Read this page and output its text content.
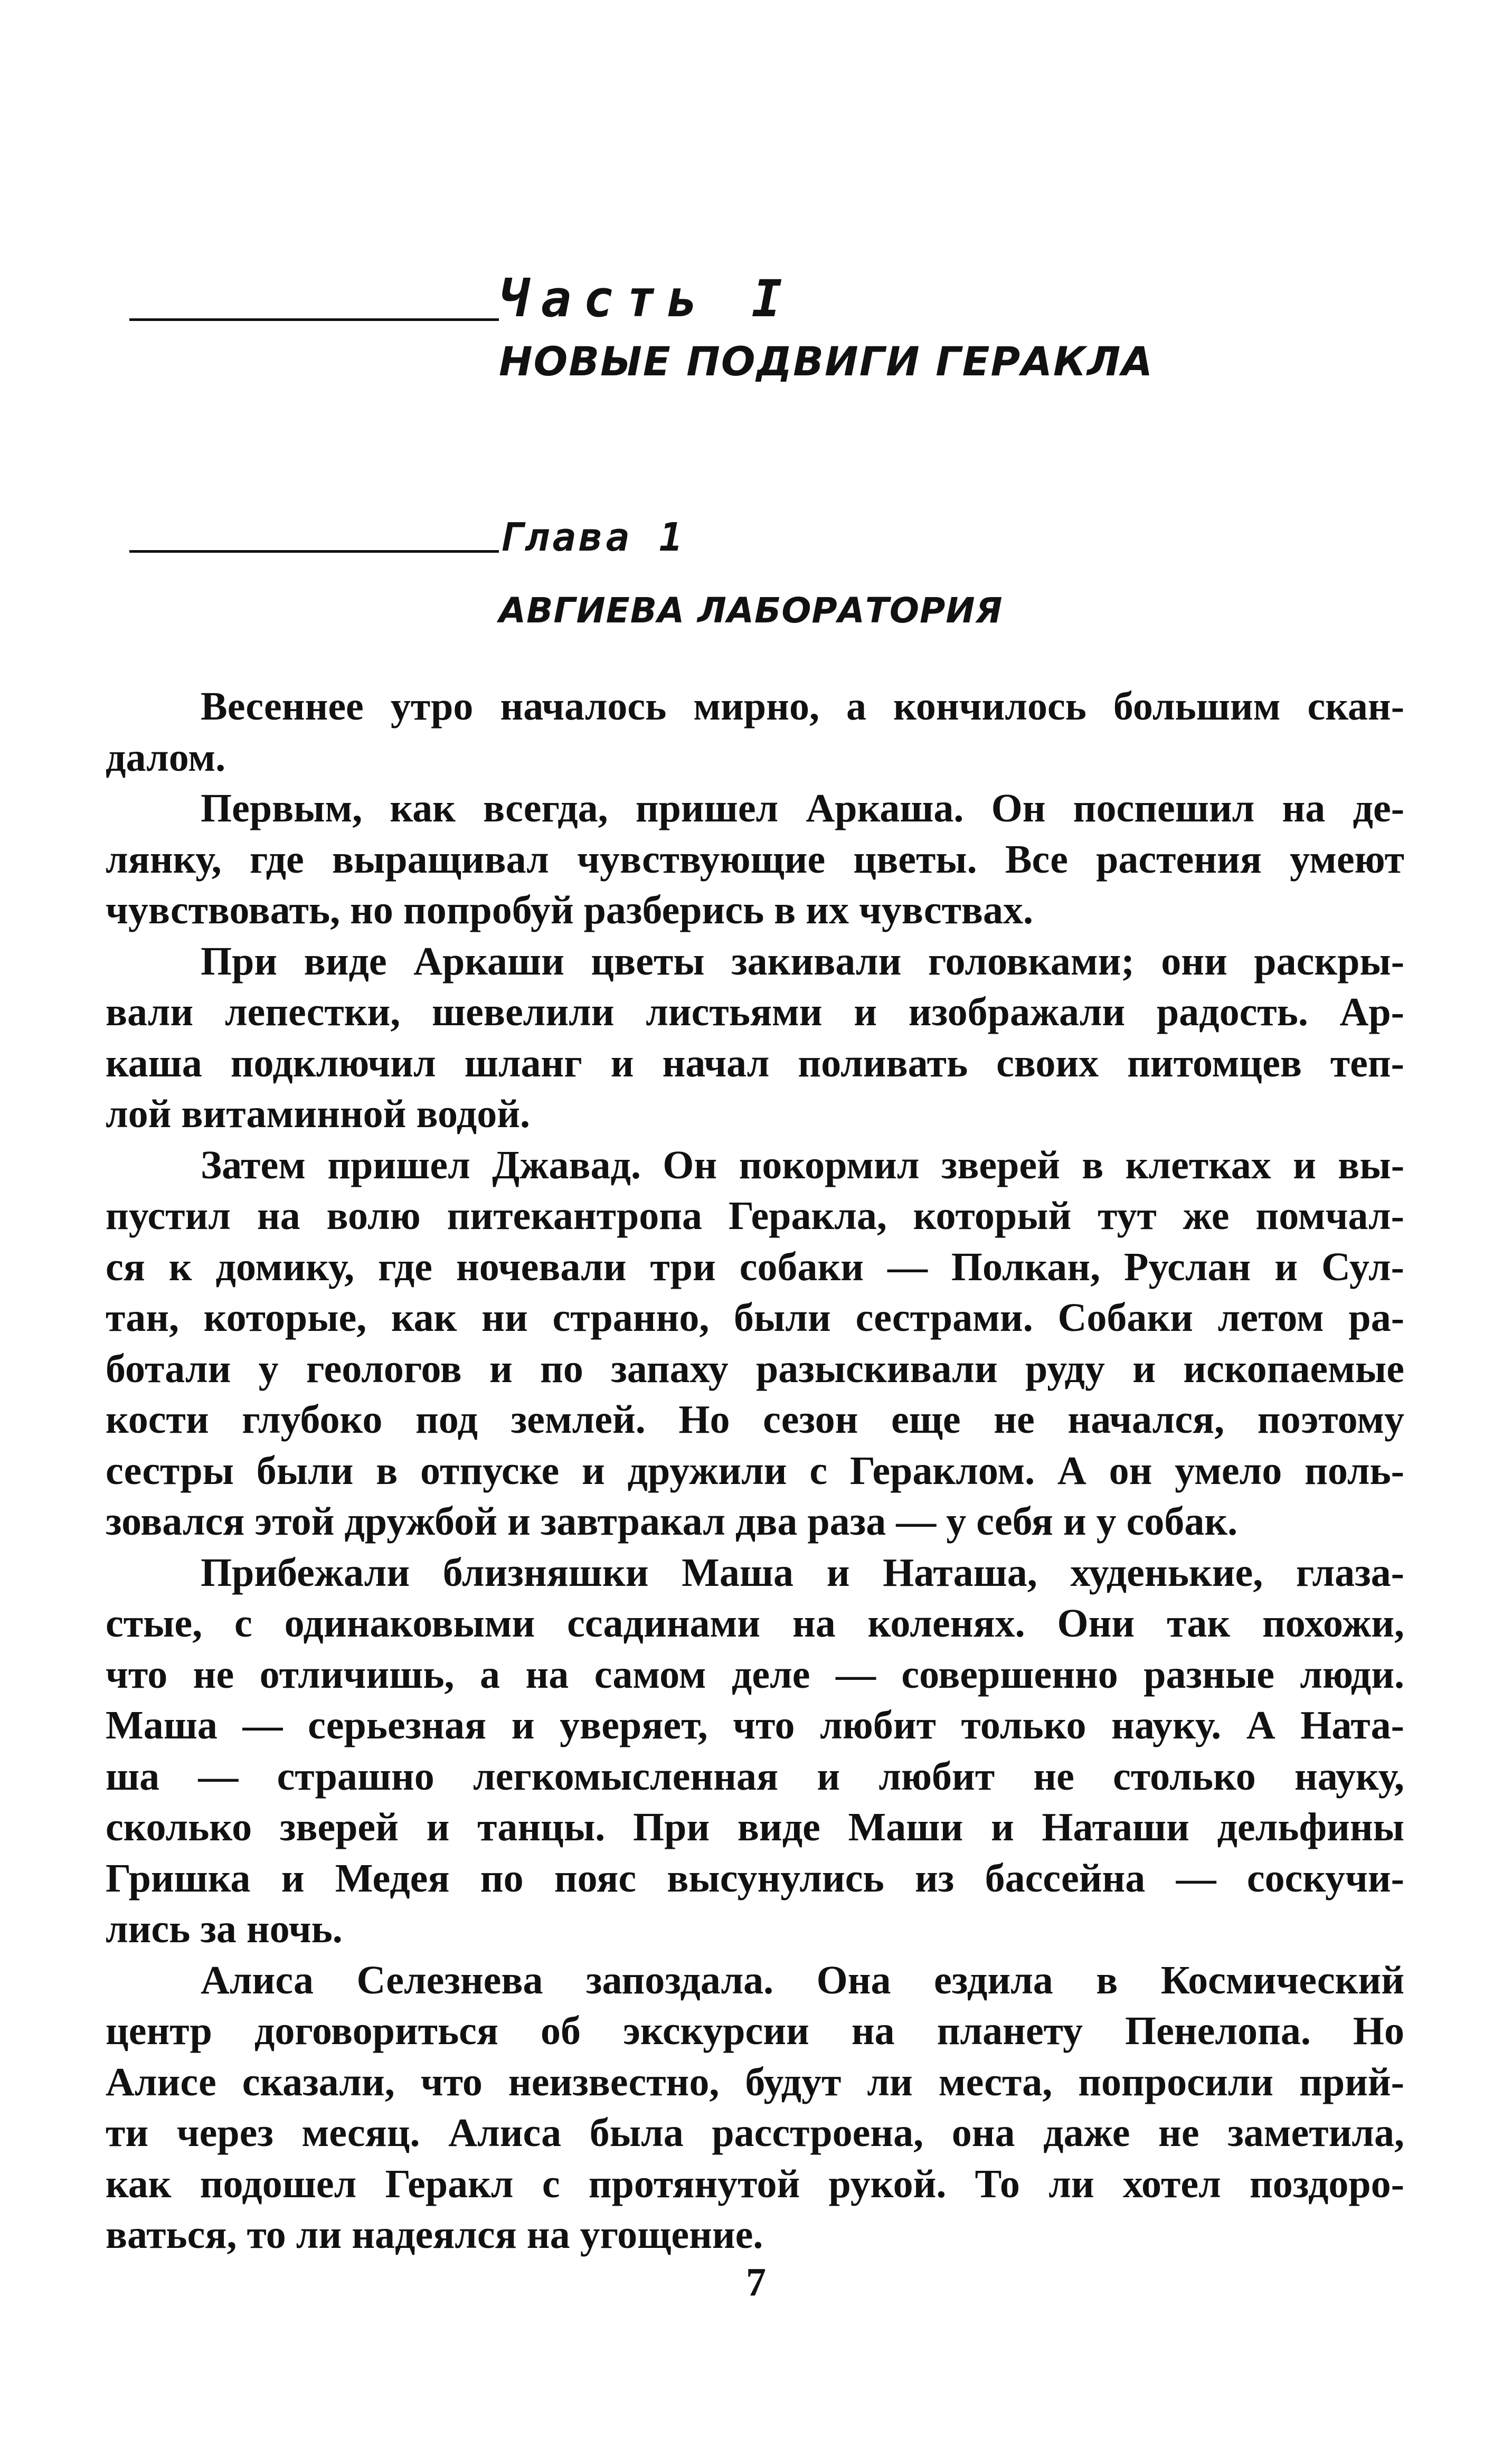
Часть I
НОВЫЕ ПОДВИГИ ГЕРАКЛА
Глава 1
АВГИЕВА ЛАБОРАТОРИЯ
Весеннее утро началось мирно, а кончилось большим скан-
далом.
Первым, как всегда, пришел Аркаша. Он поспешил на де-
лянку, где выращивал чувствующие цветы. Все растения умеют
чувствовать, но попробуй разберись в их чувствах.
При виде Аркаши цветы закивали головками; они раскры-
вали лепестки, шевелили листьями и изображали радость. Ар-
каша подключил шланг и начал поливать своих питомцев теп-
лой витаминной водой.
Затем пришел Джавад. Он покормил зверей в клетках и вы-
пустил на волю питекантропа Геракла, который тут же помчал-
ся к домику, где ночевали три собаки — Полкан, Руслан и Сул-
тан, которые, как ни странно, были сестрами. Собаки летом ра-
ботали у геологов и по запаху разыскивали руду и ископаемые
кости глубоко под землей. Но сезон еще не начался, поэтому
сестры были в отпуске и дружили с Гераклом. А он умело поль-
зовался этой дружбой и завтракал два раза — у себя и у собак.
Прибежали близняшки Маша и Наташа, худенькие, глаза-
стые, с одинаковыми ссадинами на коленях. Они так похожи,
что не отличишь, а на самом деле — совершенно разные люди.
Маша — серьезная и уверяет, что любит только науку. А Ната-
ша — страшно легкомысленная и любит не столько науку,
сколько зверей и танцы. При виде Маши и Наташи дельфины
Гришка и Медея по пояс высунулись из бассейна — соскучи-
лись за ночь.
Алиса Селезнева запоздала. Она ездила в Космический
центр договориться об экскурсии на планету Пенелопа. Но
Алисе сказали, что неизвестно, будут ли места, попросили прий-
ти через месяц. Алиса была расстроена, она даже не заметила,
как подошел Геракл с протянутой рукой. То ли хотел поздоро-
ваться, то ли надеялся на угощение.
7
